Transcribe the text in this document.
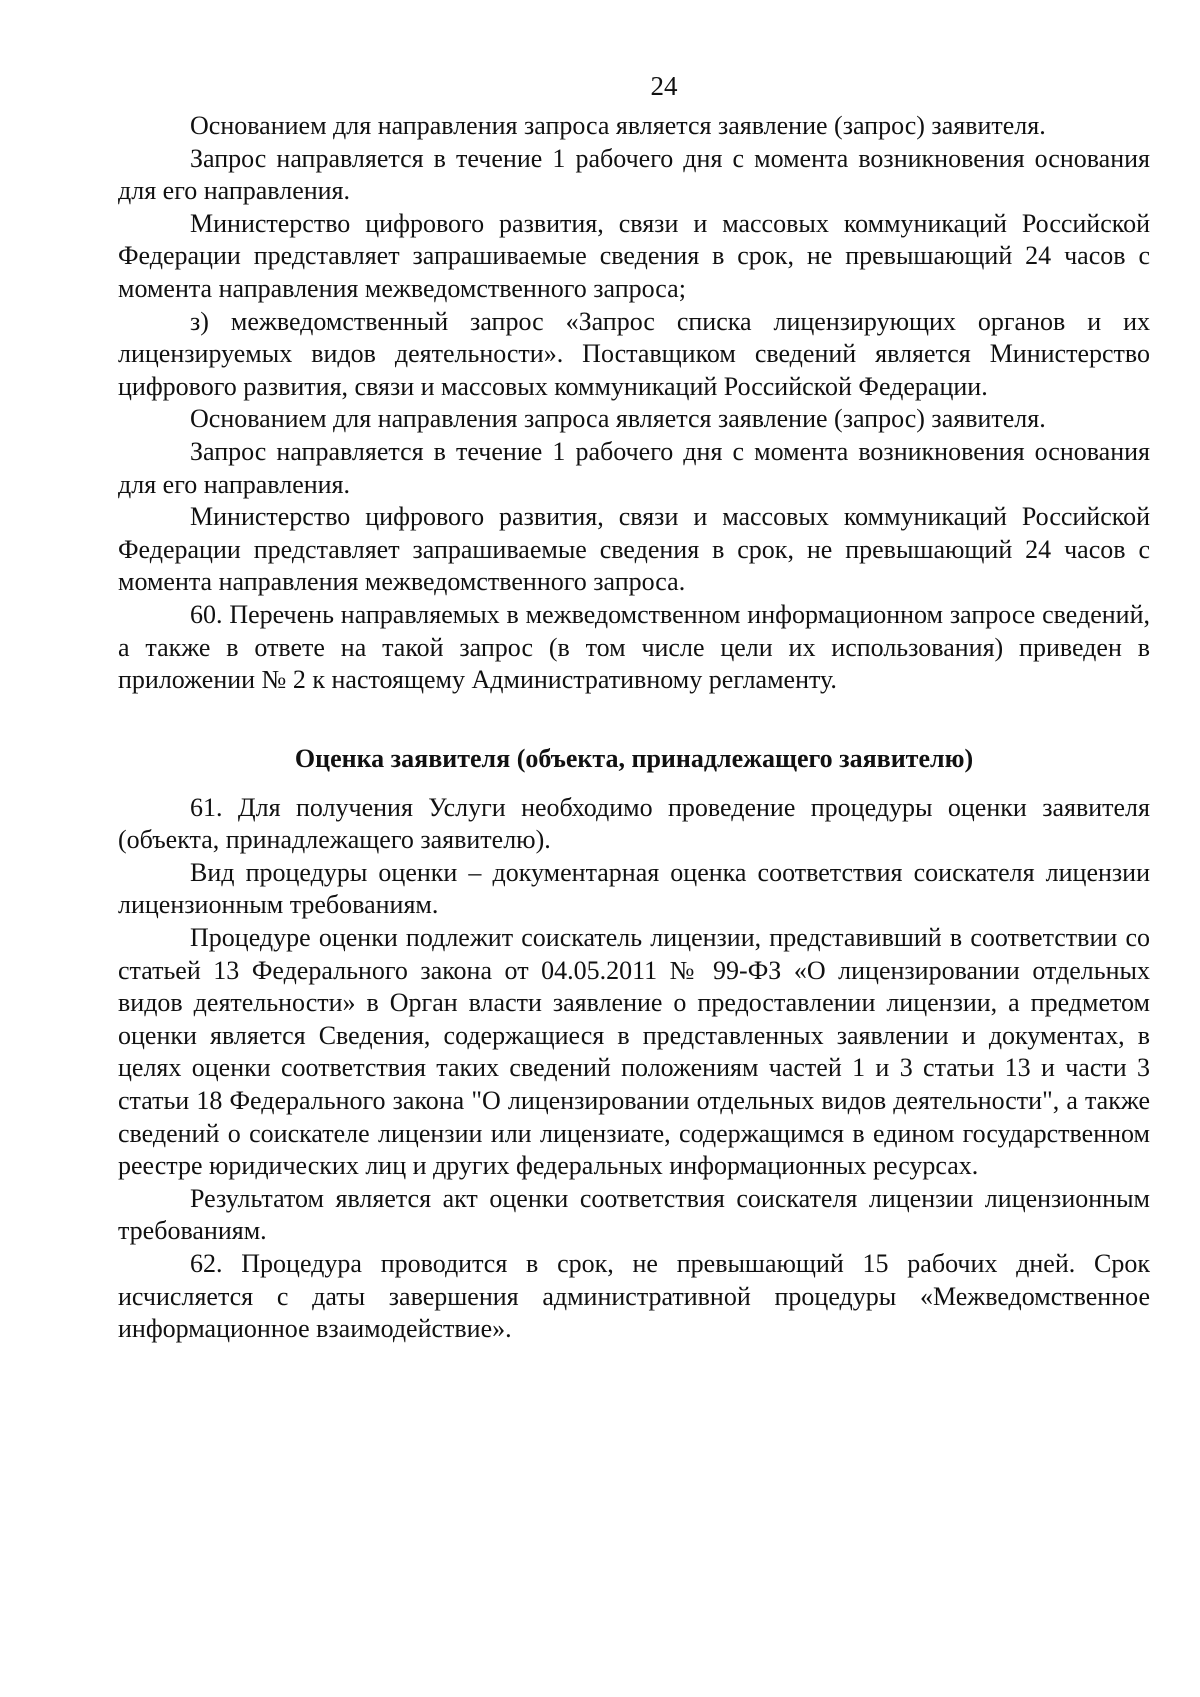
24

Основанием для направления запроса является заявление (запрос) заявителя.

Запрос направляется в течение 1 рабочего дня с момента возникновения основания для его направления.

Министерство цифрового развития, связи и массовых коммуникаций Российской Федерации представляет запрашиваемые сведения в срок, не превышающий 24 часов с момента направления межведомственного запроса;

з) межведомственный запрос «Запрос списка лицензирующих органов и их лицензируемых видов деятельности». Поставщиком сведений является Министерство цифрового развития, связи и массовых коммуникаций Российской Федерации.

Основанием для направления запроса является заявление (запрос) заявителя.

Запрос направляется в течение 1 рабочего дня с момента возникновения основания для его направления.

Министерство цифрового развития, связи и массовых коммуникаций Российской Федерации представляет запрашиваемые сведения в срок, не превышающий 24 часов с момента направления межведомственного запроса.

60. Перечень направляемых в межведомственном информационном запросе сведений, а также в ответе на такой запрос (в том числе цели их использования) приведен в приложении № 2 к настоящему Административному регламенту.

Оценка заявителя (объекта, принадлежащего заявителю)

61. Для получения Услуги необходимо проведение процедуры оценки заявителя (объекта, принадлежащего заявителю).

Вид процедуры оценки – документарная оценка соответствия соискателя лицензии лицензионным требованиям.

Процедуре оценки подлежит соискатель лицензии, представивший в соответствии со статьей 13 Федерального закона от 04.05.2011 № 99-ФЗ «О лицензировании отдельных видов деятельности» в Орган власти заявление о предоставлении лицензии, а предметом оценки является Сведения, содержащиеся в представленных заявлении и документах, в целях оценки соответствия таких сведений положениям частей 1 и 3 статьи 13 и части 3 статьи 18 Федерального закона "О лицензировании отдельных видов деятельности", а также сведений о соискателе лицензии или лицензиате, содержащимся в едином государственном реестре юридических лиц и других федеральных информационных ресурсах.

Результатом является акт оценки соответствия соискателя лицензии лицензионным требованиям.

62. Процедура проводится в срок, не превышающий 15 рабочих дней. Срок исчисляется с даты завершения административной процедуры «Межведомственное информационное взаимодействие».
